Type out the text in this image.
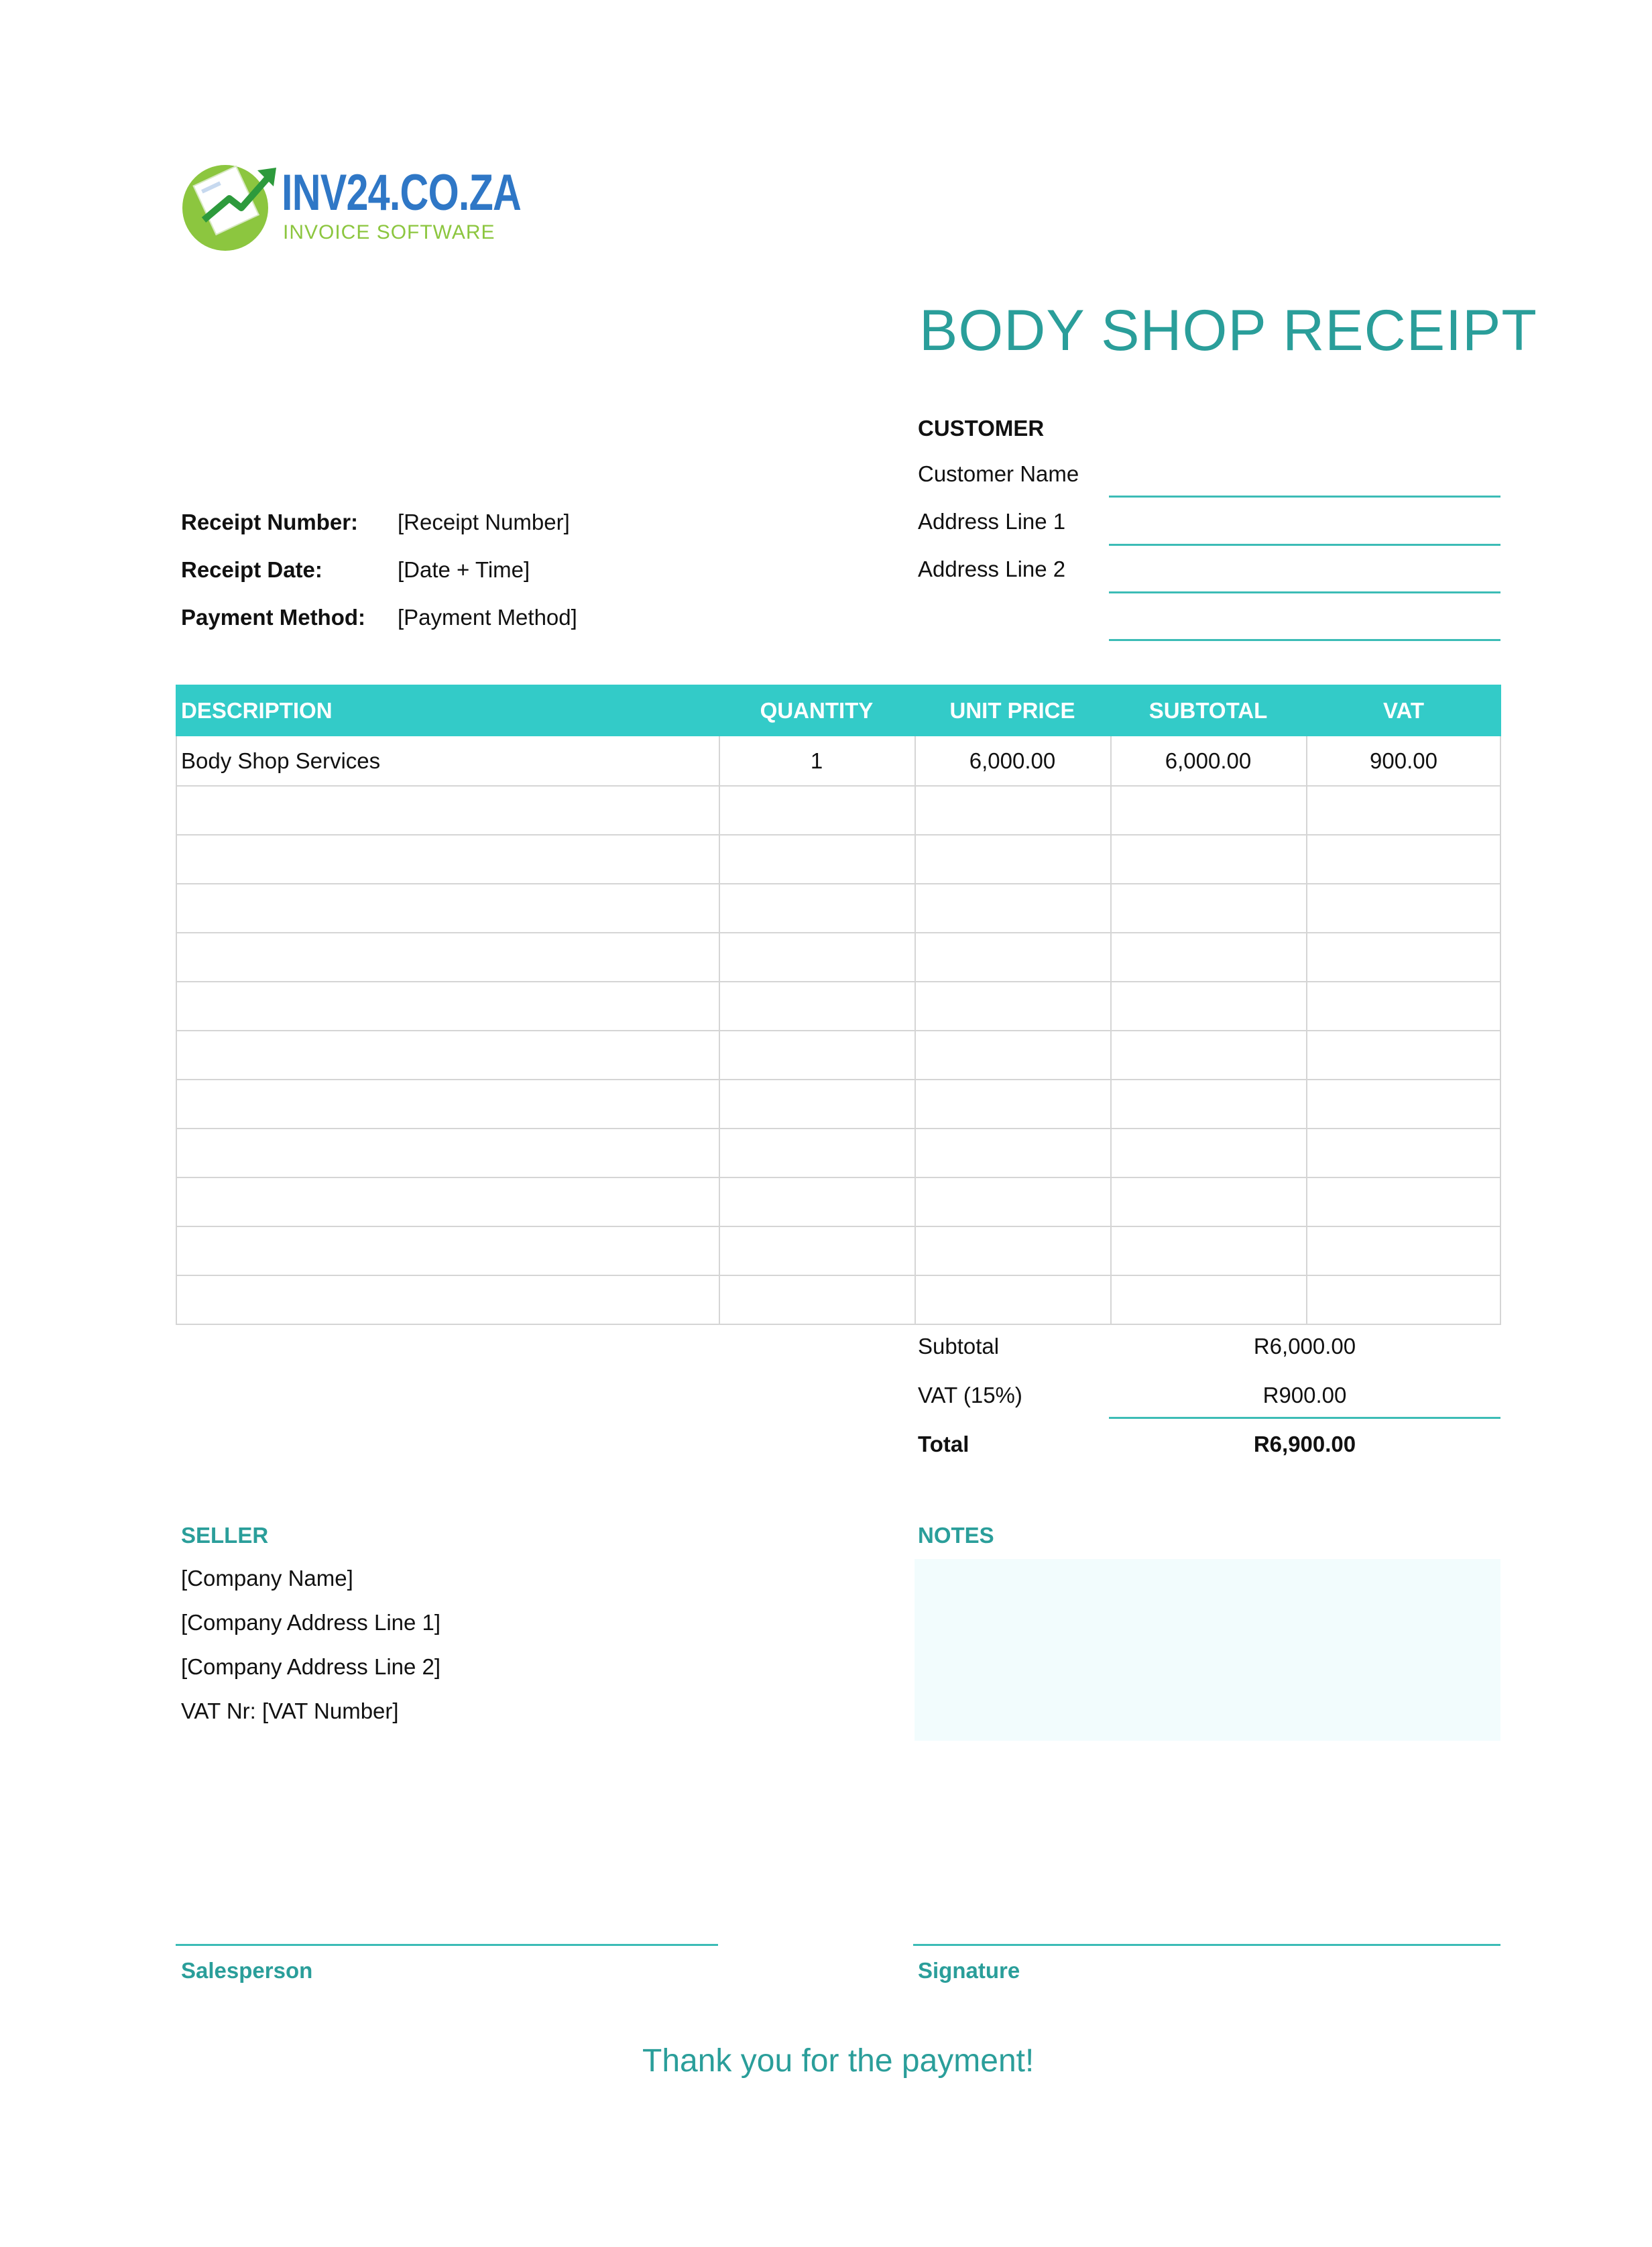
INV24.CO.ZA
INVOICE SOFTWARE
BODY SHOP RECEIPT
Receipt Number: [Receipt Number]
Receipt Date:	[Date + Time]
Payment Method: [Payment Method]
CUSTOMER
Customer Name
Address Line 1
Address Line 2
DESCRIPTION	QUANTITY	UNIT PRICE	SUBTOTAL	VAT
Body Shop Services	1	6,000.00	6,000.00	900.00
Subtotal	R6,000.00
VAT (15%)	R900.00
Total	R6,900.00
SELLER
[Company Name]
[Company Address Line 1]
[Company Address Line 2]
VAT Nr: [VAT Number]
NOTES
Salesperson	Signature
Thank you for the payment!
